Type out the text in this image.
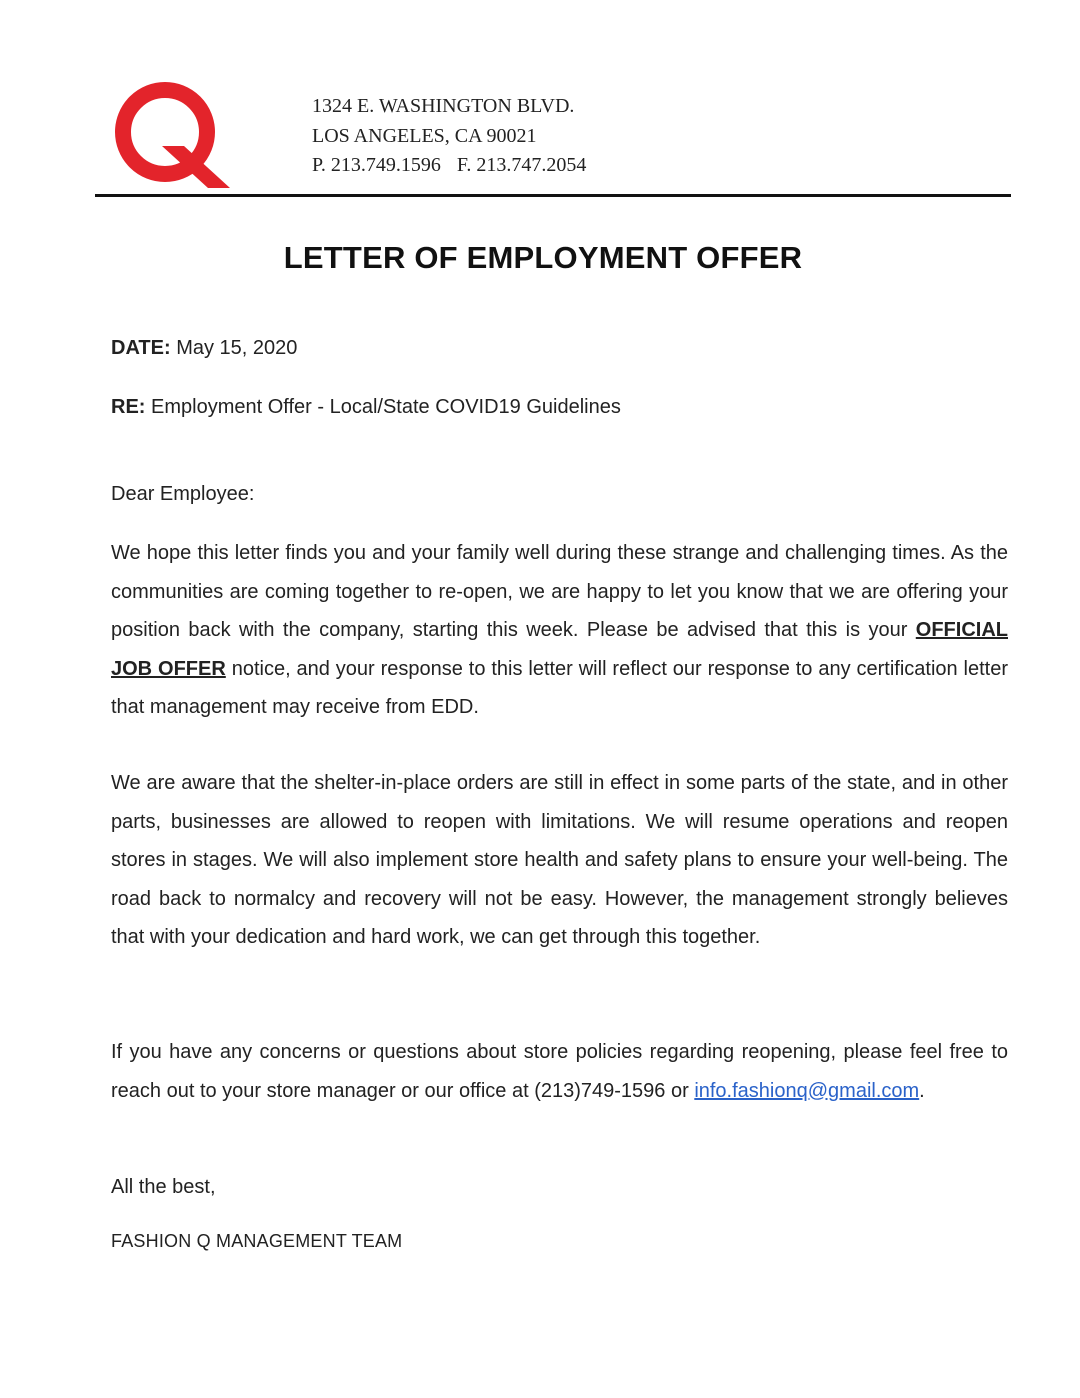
1324 E. WASHINGTON BLVD.
LOS ANGELES, CA 90021
P. 213.749.1596 F. 213.747.2054
LETTER OF EMPLOYMENT OFFER
DATE: May 15, 2020
RE: Employment Offer - Local/State COVID19 Guidelines
Dear Employee:
We hope this letter finds you and your family well during these strange and challenging times. As the communities are coming together to re-open, we are happy to let you know that we are offering your position back with the company, starting this week. Please be advised that this is your OFFICIAL JOB OFFER notice, and your response to this letter will reflect our response to any certification letter that management may receive from EDD.
We are aware that the shelter-in-place orders are still in effect in some parts of the state, and in other parts, businesses are allowed to reopen with limitations. We will resume operations and reopen stores in stages. We will also implement store health and safety plans to ensure your well-being. The road back to normalcy and recovery will not be easy. However, the management strongly believes that with your dedication and hard work, we can get through this together.
If you have any concerns or questions about store policies regarding reopening, please feel free to reach out to your store manager or our office at (213)749-1596 or info.fashionq@gmail.com.
All the best,
FASHION Q MANAGEMENT TEAM
